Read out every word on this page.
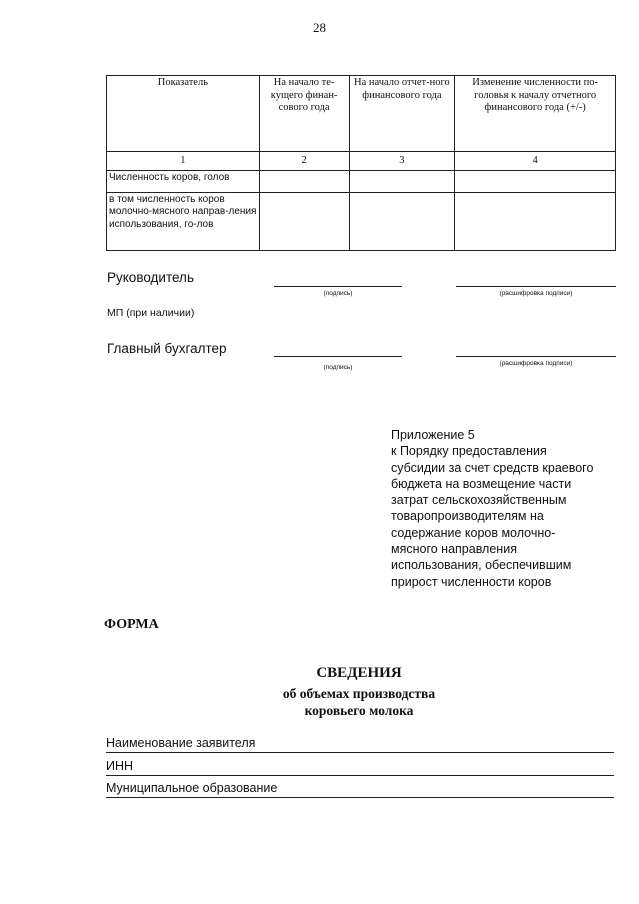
28
Показатель	На начало те-кущего финан-сового года	На начало отчет-ного финансового года	Изменение численности по-головья к началу отчетного финансового года (+/-)
1	2	3	4
Численность коров, голов			
в том численность коров молочно-мясного направ-ления использования, го-лов			
Руководитель
(подпись)	(расшифровка подписи)
МП (при наличии)
Главный бухгалтер
(подпись)
(расшифровка подписи)
Приложение 5
к Порядку предоставления
субсидии за счет средств краевого
бюджета на возмещение части
затрат сельскохозяйственным
товаропроизводителям на
содержание коров молочно-
мясного направления
использования, обеспечившим
прирост численности коров
ФОРМА
СВЕДЕНИЯ
об объемах производства
коровьего молока
Наименование заявителя
ИНН
Муниципальное образование
